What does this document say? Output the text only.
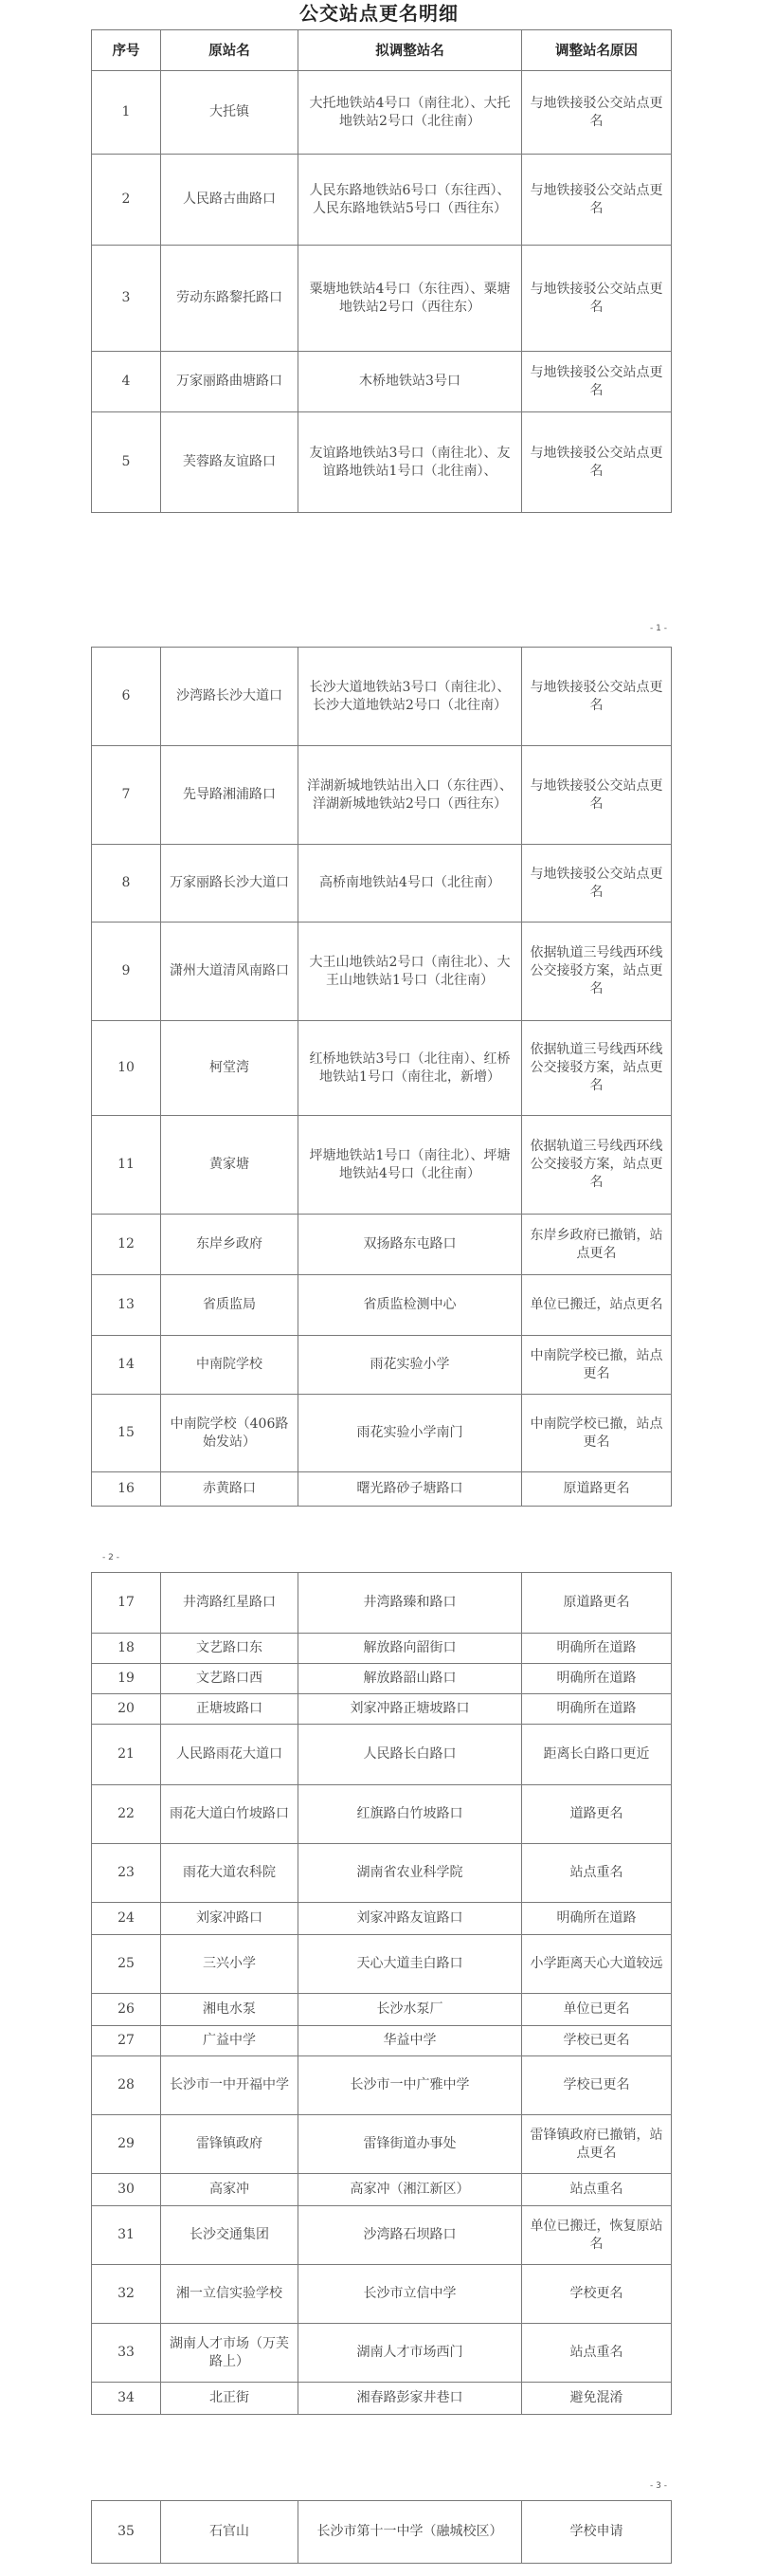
公交站点更名明细
序号	原站名	拟调整站名	调整站名原因
1	大托镇	大托地铁站4号口（南往北）、大托地铁站2号口（北往南）	与地铁接驳公交站点更名
2	人民路古曲路口	人民东路地铁站6号口（东往西）、人民东路地铁站5号口（西往东）	与地铁接驳公交站点更名
3	劳动东路黎托路口	粟塘地铁站4号口（东往西）、粟塘地铁站2号口（西往东）	与地铁接驳公交站点更名
4	万家丽路曲塘路口	木桥地铁站3号口	与地铁接驳公交站点更名
5	芙蓉路友谊路口	友谊路地铁站3号口（南往北）、友谊路地铁站1号口（北往南）、	与地铁接驳公交站点更名
- 1 -
6	沙湾路长沙大道口	长沙大道地铁站3号口（南往北）、长沙大道地铁站2号口（北往南）	与地铁接驳公交站点更名
7	先导路湘浦路口	洋湖新城地铁站出入口（东往西）、洋湖新城地铁站2号口（西往东）	与地铁接驳公交站点更名
8	万家丽路长沙大道口	高桥南地铁站4号口（北往南）	与地铁接驳公交站点更名
9	潇州大道清风南路口	大王山地铁站2号口（南往北）、大王山地铁站1号口（北往南）	依据轨道三号线西环线公交接驳方案，站点更名
10	柯堂湾	红桥地铁站3号口（北往南）、红桥地铁站1号口（南往北，新增）	依据轨道三号线西环线公交接驳方案，站点更名
11	黄家塘	坪塘地铁站1号口（南往北）、坪塘地铁站4号口（北往南）	依据轨道三号线西环线公交接驳方案，站点更名
12	东岸乡政府	双扬路东屯路口	东岸乡政府已撤销，站点更名
13	省质监局	省质监检测中心	单位已搬迁，站点更名
14	中南院学校	雨花实验小学	中南院学校已撤，站点更名
15	中南院学校（406路始发站）	雨花实验小学南门	中南院学校已撤，站点更名
16	赤黄路口	曙光路砂子塘路口	原道路更名
- 2 -
17	井湾路红星路口	井湾路臻和路口	原道路更名
18	文艺路口东	解放路向韶街口	明确所在道路
19	文艺路口西	解放路韶山路口	明确所在道路
20	正塘坡路口	刘家冲路正塘坡路口	明确所在道路
21	人民路雨花大道口	人民路长白路口	距离长白路口更近
22	雨花大道白竹坡路口	红旗路白竹坡路口	道路更名
23	雨花大道农科院	湖南省农业科学院	站点重名
24	刘家冲路口	刘家冲路友谊路口	明确所在道路
25	三兴小学	天心大道圭白路口	小学距离天心大道较远
26	湘电水泵	长沙水泵厂	单位已更名
27	广益中学	华益中学	学校已更名
28	长沙市一中开福中学	长沙市一中广雅中学	学校已更名
29	雷锋镇政府	雷锋街道办事处	雷锋镇政府已撤销，站点更名
30	高家冲	高家冲（湘江新区）	站点重名
31	长沙交通集团	沙湾路石坝路口	单位已搬迁，恢复原站名
32	湘一立信实验学校	长沙市立信中学	学校更名
33	湖南人才市场（万芙路上）	湖南人才市场西门	站点重名
34	北正街	湘春路彭家井巷口	避免混淆
- 3 -
35	石官山	长沙市第十一中学（融城校区）	学校申请
